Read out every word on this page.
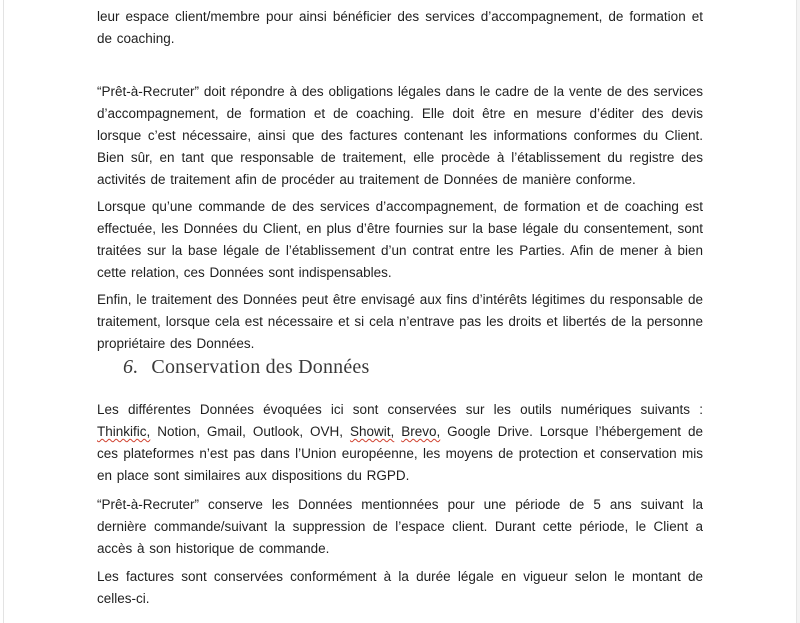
leur espace client/membre pour ainsi bénéficier des services d’accompagnement, de formation et de coaching.

“Prêt-à-Recruter” doit répondre à des obligations légales dans le cadre de la vente de des services d’accompagnement, de formation et de coaching. Elle doit être en mesure d’éditer des devis lorsque c’est nécessaire, ainsi que des factures contenant les informations conformes du Client. Bien sûr, en tant que responsable de traitement, elle procède à l’établissement du registre des activités de traitement afin de procéder au traitement de Données de manière conforme.

Lorsque qu’une commande de des services d’accompagnement, de formation et de coaching est effectuée, les Données du Client, en plus d’être fournies sur la base légale du consentement, sont traitées sur la base légale de l’établissement d’un contrat entre les Parties. Afin de mener à bien cette relation, ces Données sont indispensables.

Enfin, le traitement des Données peut être envisagé aux fins d’intérêts légitimes du responsable de traitement, lorsque cela est nécessaire et si cela n’entrave pas les droits et libertés de la personne propriétaire des Données.

6. Conservation des Données

Les différentes Données évoquées ici sont conservées sur les outils numériques suivants : Thinkific, Notion, Gmail, Outlook, OVH, Showit, Brevo, Google Drive. Lorsque l’hébergement de ces plateformes n’est pas dans l’Union européenne, les moyens de protection et conservation mis en place sont similaires aux dispositions du RGPD.

“Prêt-à-Recruter” conserve les Données mentionnées pour une période de 5 ans suivant la dernière commande/suivant la suppression de l’espace client. Durant cette période, le Client a accès à son historique de commande.

Les factures sont conservées conformément à la durée légale en vigueur selon le montant de celles-ci.
